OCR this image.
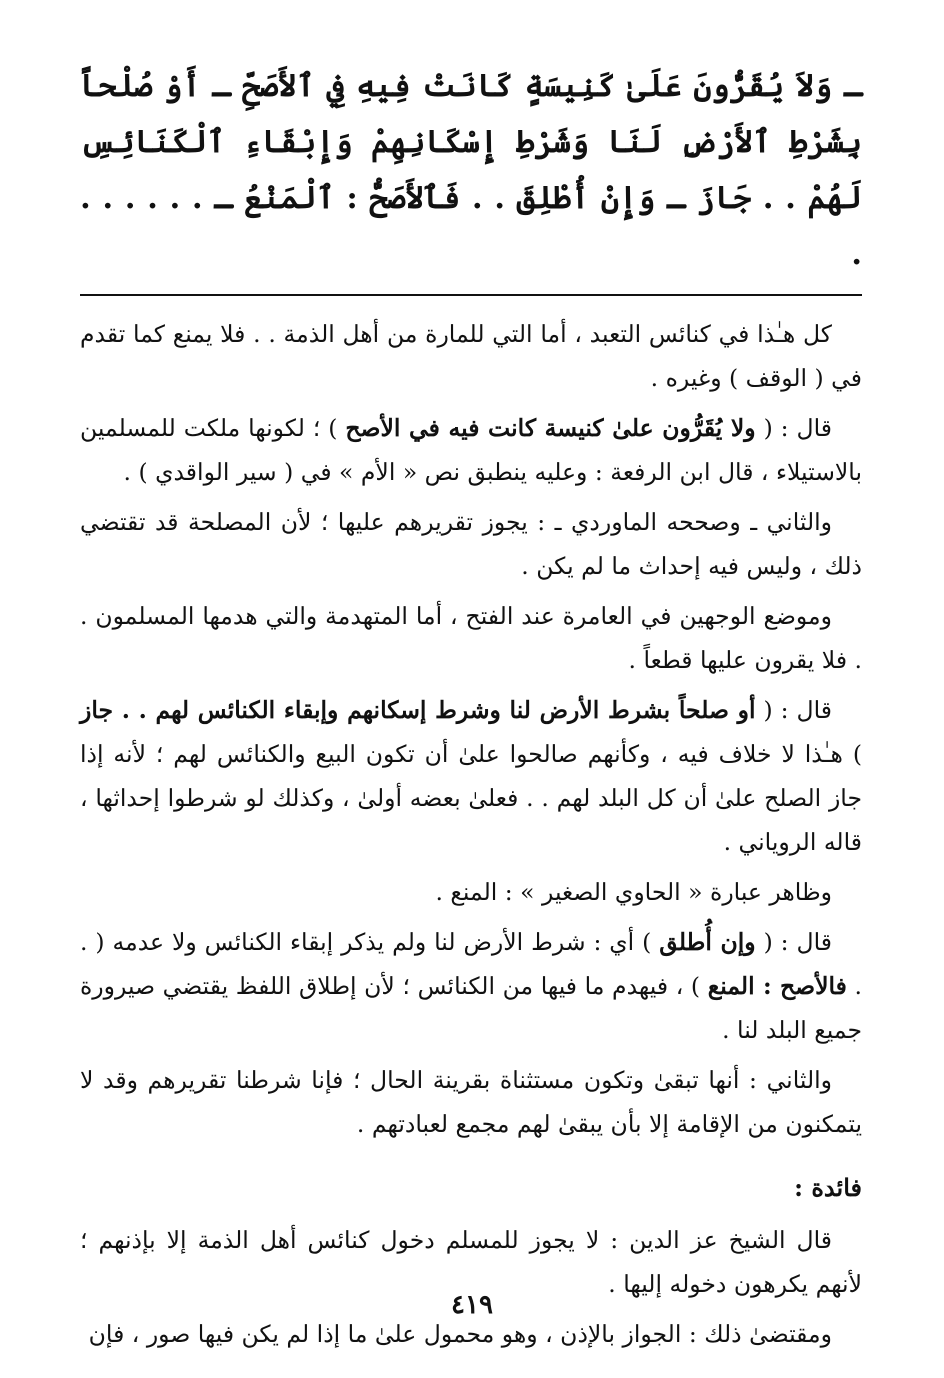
ـ وَلاَ يُقَرُّونَ عَلَىٰ كَنِيسَةٍ كَانَتْ فِيهِ فِي ٱلأَصَحِّ ـ أَوْ صُلْحاً بِشَرْطِ ٱلأَرْضِ لَنَا وَشَرْطِ إِسْكَانِهِمْ وَإِبْقَاءِ ٱلْكَنَائِسِ لَهُمْ . . جَازَ ـ وَإِنْ أُطْلِقَ . . فَٱلأَصَحُّ : ٱلْمَنْعُ ـ . . . . . . .

كل هـٰذا في كنائس التعبد ، أما التي للمارة من أهل الذمة . . فلا يمنع كما تقدم في ( الوقف ) وغيره .

قال : ( ولا يُقَرُّون علىٰ كنيسة كانت فيه في الأصح ) ؛ لكونها ملكت للمسلمين بالاستيلاء ، قال ابن الرفعة : وعليه ينطبق نص « الأم » في ( سير الواقدي ) .

والثاني ـ وصححه الماوردي ـ : يجوز تقريرهم عليها ؛ لأن المصلحة قد تقتضي ذلك ، وليس فيه إحداث ما لم يكن .

وموضع الوجهين في العامرة عند الفتح ، أما المتهدمة والتي هدمها المسلمون . . فلا يقرون عليها قطعاً .

قال : ( أو صلحاً بشرط الأرض لنا وشرط إسكانهم وإبقاء الكنائس لهم . . جاز ) هـٰذا لا خلاف فيه ، وكأنهم صالحوا علىٰ أن تكون البيع والكنائس لهم ؛ لأنه إذا جاز الصلح علىٰ أن كل البلد لهم . . فعلىٰ بعضه أولىٰ ، وكذلك لو شرطوا إحداثها ، قاله الروياني .

وظاهر عبارة « الحاوي الصغير » : المنع .

قال : ( وإن أُطلق ) أي : شرط الأرض لنا ولم يذكر إبقاء الكنائس ولا عدمه ( . . فالأصح : المنع ) ، فيهدم ما فيها من الكنائس ؛ لأن إطلاق اللفظ يقتضي صيرورة جميع البلد لنا .

والثاني : أنها تبقىٰ وتكون مستثناة بقرينة الحال ؛ فإنا شرطنا تقريرهم وقد لا يتمكنون من الإقامة إلا بأن يبقىٰ لهم مجمع لعبادتهم .

فائدة :

قال الشيخ عز الدين : لا يجوز للمسلم دخول كنائس أهل الذمة إلا بإذنهم ؛ لأنهم يكرهون دخوله إليها .

ومقتضىٰ ذلك : الجواز بالإذن ، وهو محمول علىٰ ما إذا لم يكن فيها صور ، فإن

٤١٩
